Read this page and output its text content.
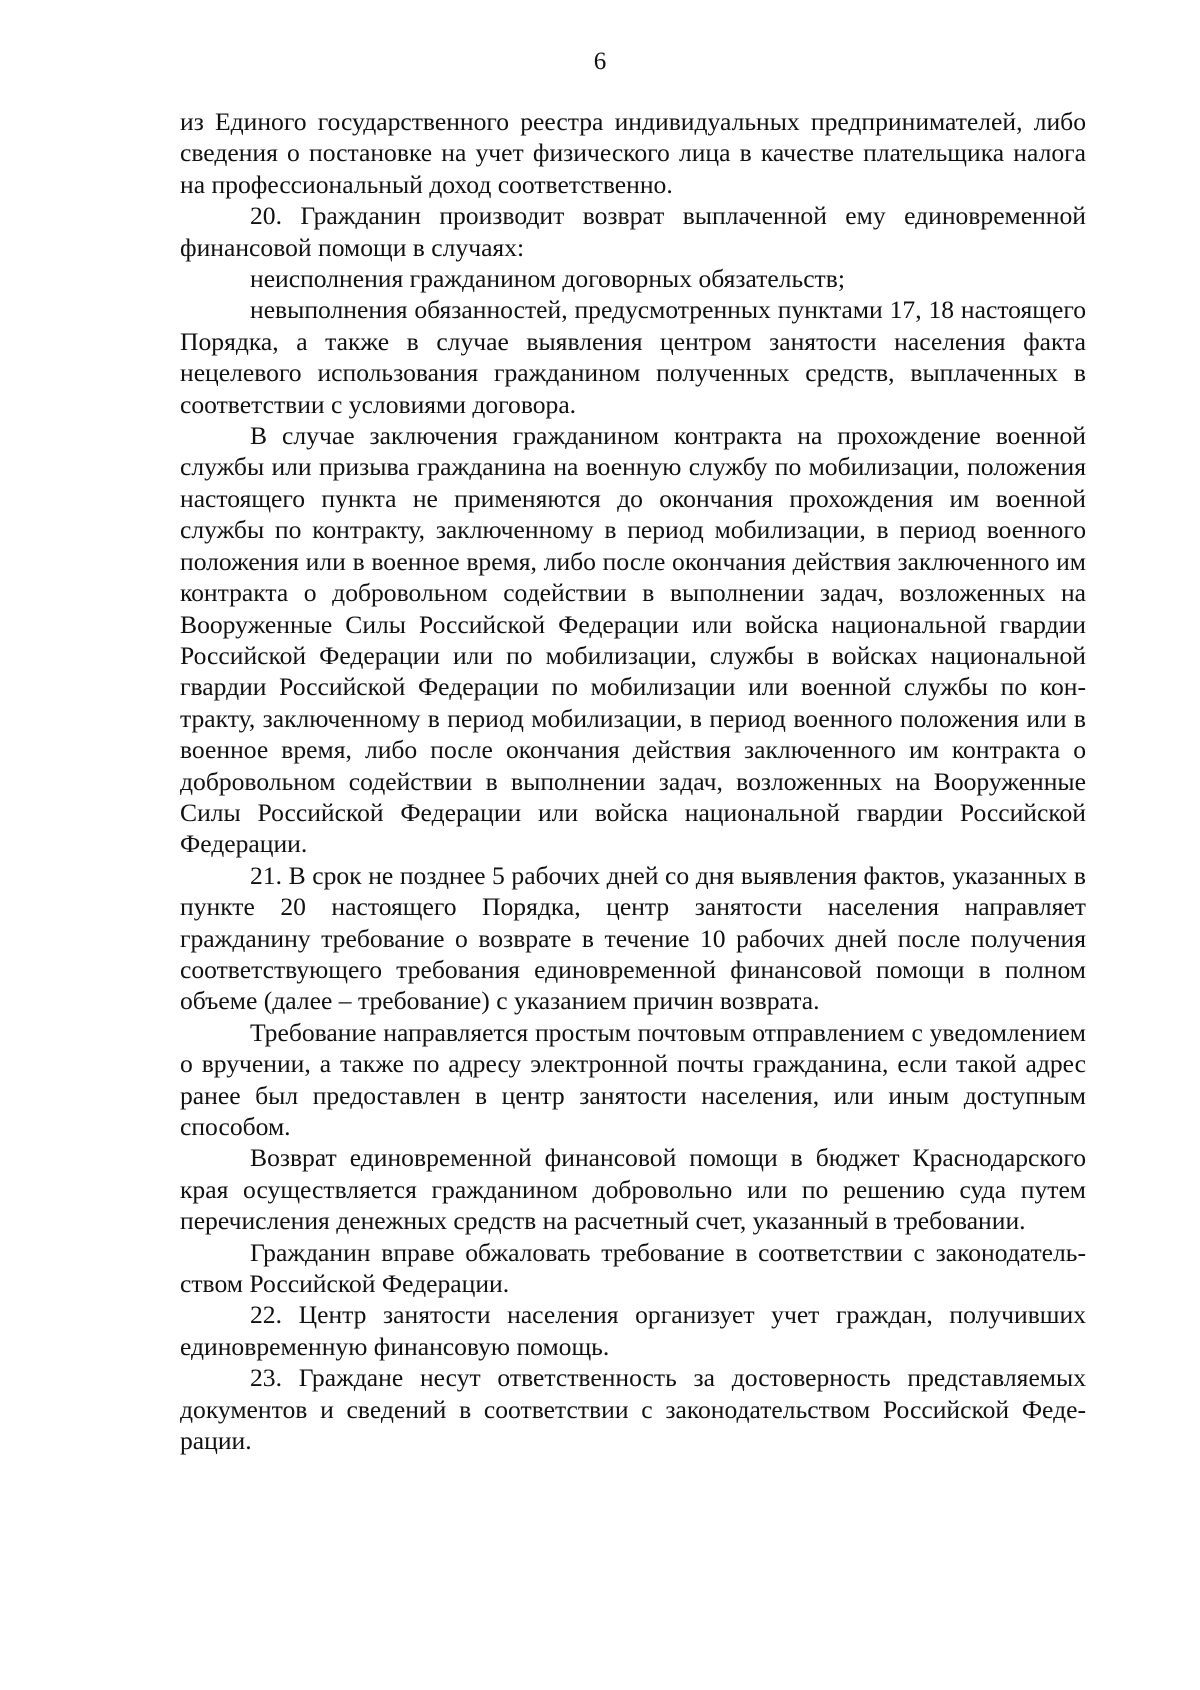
6

из Единого государственного реестра индивидуальных предпринимателей, либо сведения о постановке на учет физического лица в качестве плательщика налога на профессиональный доход соответственно.

20. Гражданин производит возврат выплаченной ему единовременной финансовой помощи в случаях:

неисполнения гражданином договорных обязательств;

невыполнения обязанностей, предусмотренных пунктами 17, 18 настоящего Порядка, а также в случае выявления центром занятости населения факта нецелевого использования гражданином полученных средств, выплаченных в соответствии с условиями договора.

В случае заключения гражданином контракта на прохождение военной службы или призыва гражданина на военную службу по мобилизации, положения настоящего пункта не применяются до окончания прохождения им военной службы по контракту, заключенному в период мобилизации, в период военного положения или в военное время, либо после окончания действия заключенного им контракта о добровольном содействии в выполнении задач, возложенных на Вооруженные Силы Российской Федерации или войска национальной гвардии Российской Федерации или по мобилизации, службы в войсках национальной гвардии Российской Федерации по мобилизации или военной службы по контракту, заключенному в период мобилизации, в период военного положения или в военное время, либо после окончания действия заключенного им контракта о добровольном содействии в выполнении задач, возложенных на Вооруженные Силы Российской Федерации или войска национальной гвардии Российской Федерации.

21. В срок не позднее 5 рабочих дней со дня выявления фактов, указанных в пункте 20 настоящего Порядка, центр занятости населения направляет гражданину требование о возврате в течение 10 рабочих дней после получения соответствующего требования единовременной финансовой помощи в полном объеме (далее – требование) с указанием причин возврата.

Требование направляется простым почтовым отправлением с уведомлением о вручении, а также по адресу электронной почты гражданина, если такой адрес ранее был предоставлен в центр занятости населения, или иным доступным способом.

Возврат единовременной финансовой помощи в бюджет Краснодарского края осуществляется гражданином добровольно или по решению суда путем перечисления денежных средств на расчетный счет, указанный в требовании.

Гражданин вправе обжаловать требование в соответствии с законодательством Российской Федерации.

22. Центр занятости населения организует учет граждан, получивших единовременную финансовую помощь.

23. Граждане несут ответственность за достоверность представляемых документов и сведений в соответствии с законодательством Российской Федерации.
